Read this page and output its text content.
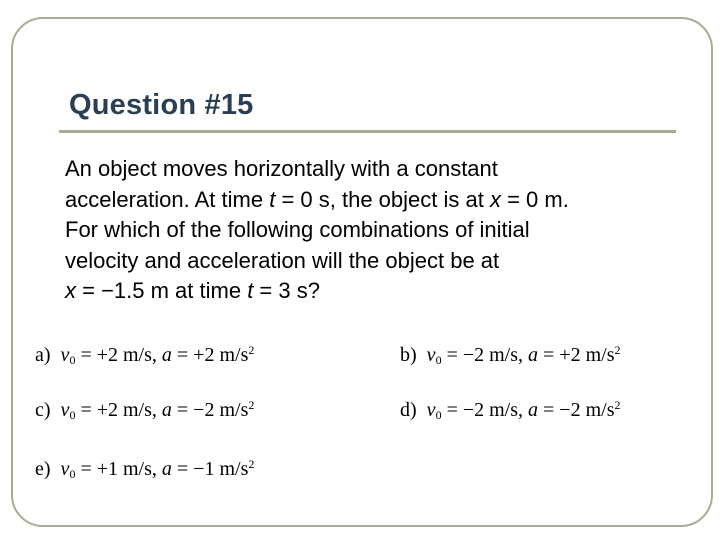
Question #15
An object moves horizontally with a constant
acceleration. At time t = 0 s, the object is at x = 0 m.
For which of the following combinations of initial
velocity and acceleration will the object be at
x = −1.5 m at time t = 3 s?
a) $v_0 = +2$ m/s, a = +2 $m/s^2$	b) $v_0 = -2$ m/s, a = +2 $m/s^2$
c) $v_0 = +2$ m/s, a = −2 $m/s^2$	d) $v_0 = -2$ m/s, a = −2 $m/s^2$
e) $v_0 = +1$ m/s, a = −1 $m/s^2$
